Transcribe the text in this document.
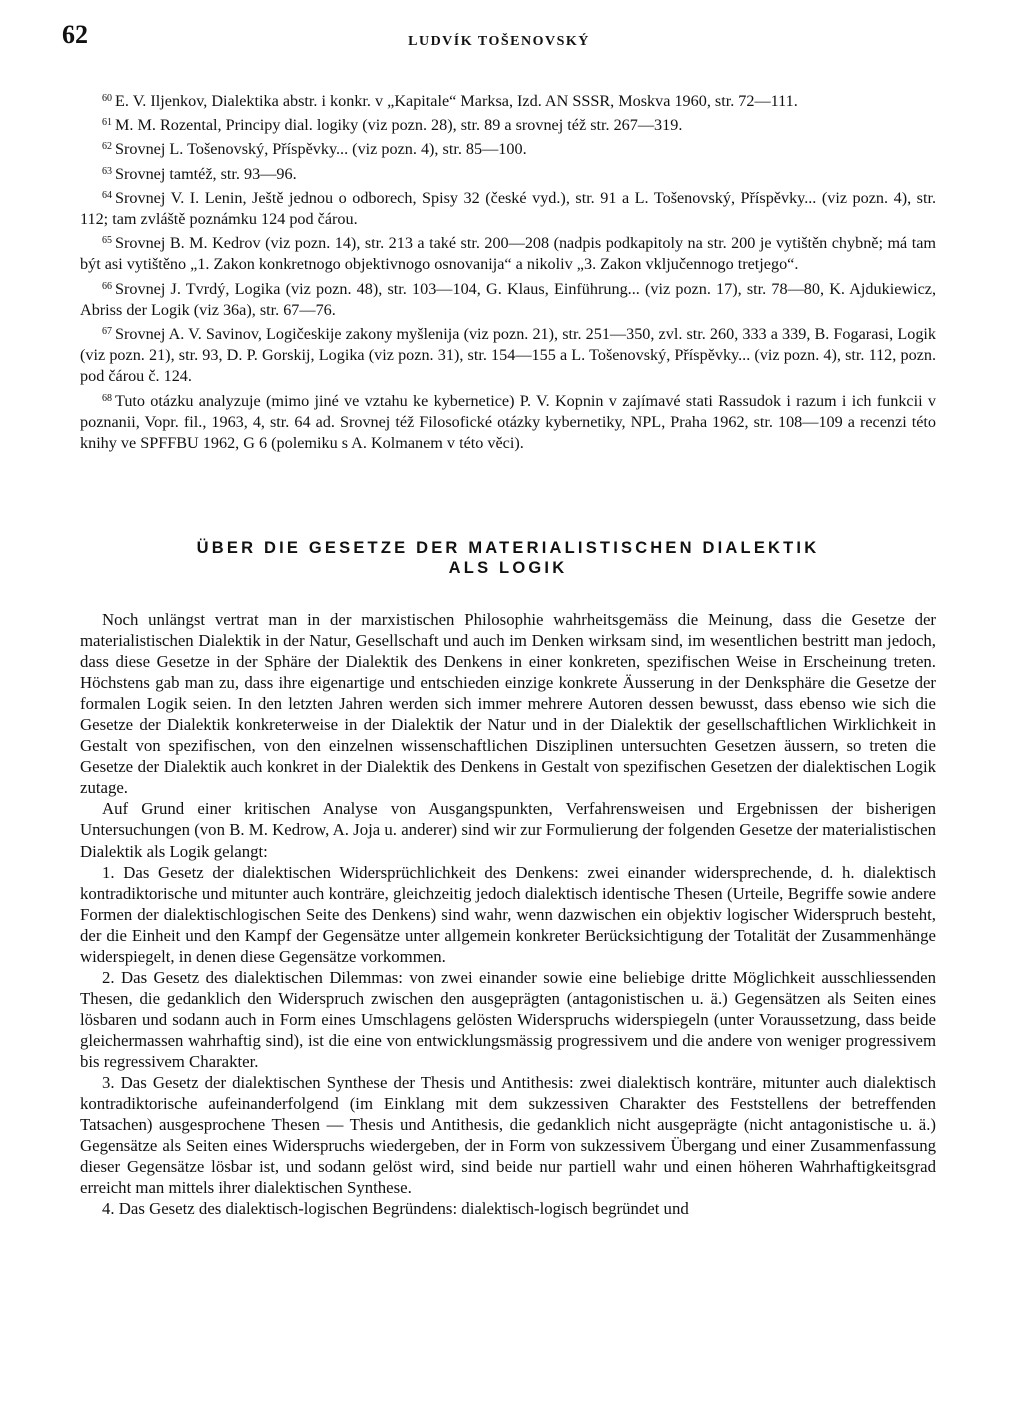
62	LUDVÍK TOŠENOVSKÝ

$^{60}$ E. V. Iljenkov, Dialektika abstr. i konkr. v „Kapitale“ Marksa, Izd. AN SSSR, Moskva 1960, str. 72—111.

$^{61}$ M. M. Rozental, Principy dial. logiky (viz pozn. 28), str. 89 a srovnej též str. 267—319.

$^{62}$ Srovnej L. Tošenovský, Příspěvky... (viz pozn. 4), str. 85—100.

$^{63}$ Srovnej tamtéž, str. 93—96.

$^{64}$ Srovnej V. I. Lenin, Ještě jednou o odborech, Spisy 32 (české vyd.), str. 91 a L. Tošenovský, Příspěvky... (viz pozn. 4), str. 112; tam zvláště poznámku 124 pod čárou.

$^{65}$ Srovnej B. M. Kedrov (viz pozn. 14), str. 213 a také str. 200—208 (nadpis podkapitoly na str. 200 je vytištěn chybně; má tam být asi vytištěno „1. Zakon konkretnogo objektivnogo osnovanija“ a nikoliv „3. Zakon vključennogo tretjego“.

$^{66}$ Srovnej J. Tvrdý, Logika (viz pozn. 48), str. 103—104, G. Klaus, Einführung... (viz pozn. 17), str. 78—80, K. Ajdukiewicz, Abriss der Logik (viz 36a), str. 67—76.

$^{67}$ Srovnej A. V. Savinov, Logičeskije zakony myšlenija (viz pozn. 21), str. 251—350, zvl. str. 260, 333 a 339, B. Fogarasi, Logik (viz pozn. 21), str. 93, D. P. Gorskij, Logika (viz pozn. 31), str. 154—155 a L. Tošenovský, Příspěvky... (viz pozn. 4), str. 112, pozn. pod čárou č. 124.

$^{68}$ Tuto otázku analyzuje (mimo jiné ve vztahu ke kybernetice) P. V. Kopnin v zajímavé stati Rassudok i razum i ich funkcii v poznanii, Vopr. fil., 1963, 4, str. 64 ad. Srovnej též Filosofické otázky kybernetiky, NPL, Praha 1962, str. 108—109 a recenzi této knihy ve SPFFBU 1962, G 6 (polemiku s A. Kolmanem v této věci).

ÜBER DIE GESETZE DER MATERIALISTISCHEN DIALEKTIK
ALS LOGIK

Noch unlängst vertrat man in der marxistischen Philosophie wahrheitsgemäss die Meinung, dass die Gesetze der materialistischen Dialektik in der Natur, Gesellschaft und auch im Denken wirksam sind, im wesentlichen bestritt man jedoch, dass diese Gesetze in der Sphäre der Dialektik des Denkens in einer konkreten, spezifischen Weise in Erscheinung treten. Höchstens gab man zu, dass ihre eigenartige und entschieden einzige konkrete Äusserung in der Denksphäre die Gesetze der formalen Logik seien. In den letzten Jahren werden sich immer mehrere Autoren dessen bewusst, dass ebenso wie sich die Gesetze der Dialektik konkreterweise in der Dialektik der Natur und in der Dialektik der gesellschaftlichen Wirklichkeit in Gestalt von spezifischen, von den einzelnen wissenschaftlichen Disziplinen untersuchten Gesetzen äussern, so treten die Gesetze der Dialektik auch konkret in der Dialektik des Denkens in Gestalt von spezifischen Gesetzen der dialektischen Logik zutage.

Auf Grund einer kritischen Analyse von Ausgangspunkten, Verfahrensweisen und Ergebnissen der bisherigen Untersuchungen (von B. M. Kedrow, A. Joja u. anderer) sind wir zur Formulierung der folgenden Gesetze der materialistischen Dialektik als Logik gelangt:

1. Das Gesetz der dialektischen Widersprüchlichkeit des Denkens: zwei einander widersprechende, d. h. dialektisch kontradiktorische und mitunter auch konträre, gleichzeitig jedoch dialektisch identische Thesen (Urteile, Begriffe sowie andere Formen der dialektischlogischen Seite des Denkens) sind wahr, wenn dazwischen ein objektiv logischer Widerspruch besteht, der die Einheit und den Kampf der Gegensätze unter allgemein konkreter Berücksichtigung der Totalität der Zusammenhänge widerspiegelt, in denen diese Gegensätze vorkommen.

2. Das Gesetz des dialektischen Dilemmas: von zwei einander sowie eine beliebige dritte Möglichkeit ausschliessenden Thesen, die gedanklich den Widerspruch zwischen den ausgeprägten (antagonistischen u. ä.) Gegensätzen als Seiten eines lösbaren und sodann auch in Form eines Umschlagens gelösten Widerspruchs widerspiegeln (unter Voraussetzung, dass beide gleichermassen wahrhaftig sind), ist die eine von entwicklungsmässig progressivem und die andere von weniger progressivem bis regressivem Charakter.

3. Das Gesetz der dialektischen Synthese der Thesis und Antithesis: zwei dialektisch konträre, mitunter auch dialektisch kontradiktorische aufeinanderfolgend (im Einklang mit dem sukzessiven Charakter des Feststellens der betreffenden Tatsachen) ausgesprochene Thesen — Thesis und Antithesis, die gedanklich nicht ausgeprägte (nicht antagonistische u. ä.) Gegensätze als Seiten eines Widerspruchs wiedergeben, der in Form von sukzessivem Übergang und einer Zusammenfassung dieser Gegensätze lösbar ist, und sodann gelöst wird, sind beide nur partiell wahr und einen höheren Wahrhaftigkeitsgrad erreicht man mittels ihrer dialektischen Synthese.

4. Das Gesetz des dialektisch-logischen Begründens: dialektisch-logisch begründet und
